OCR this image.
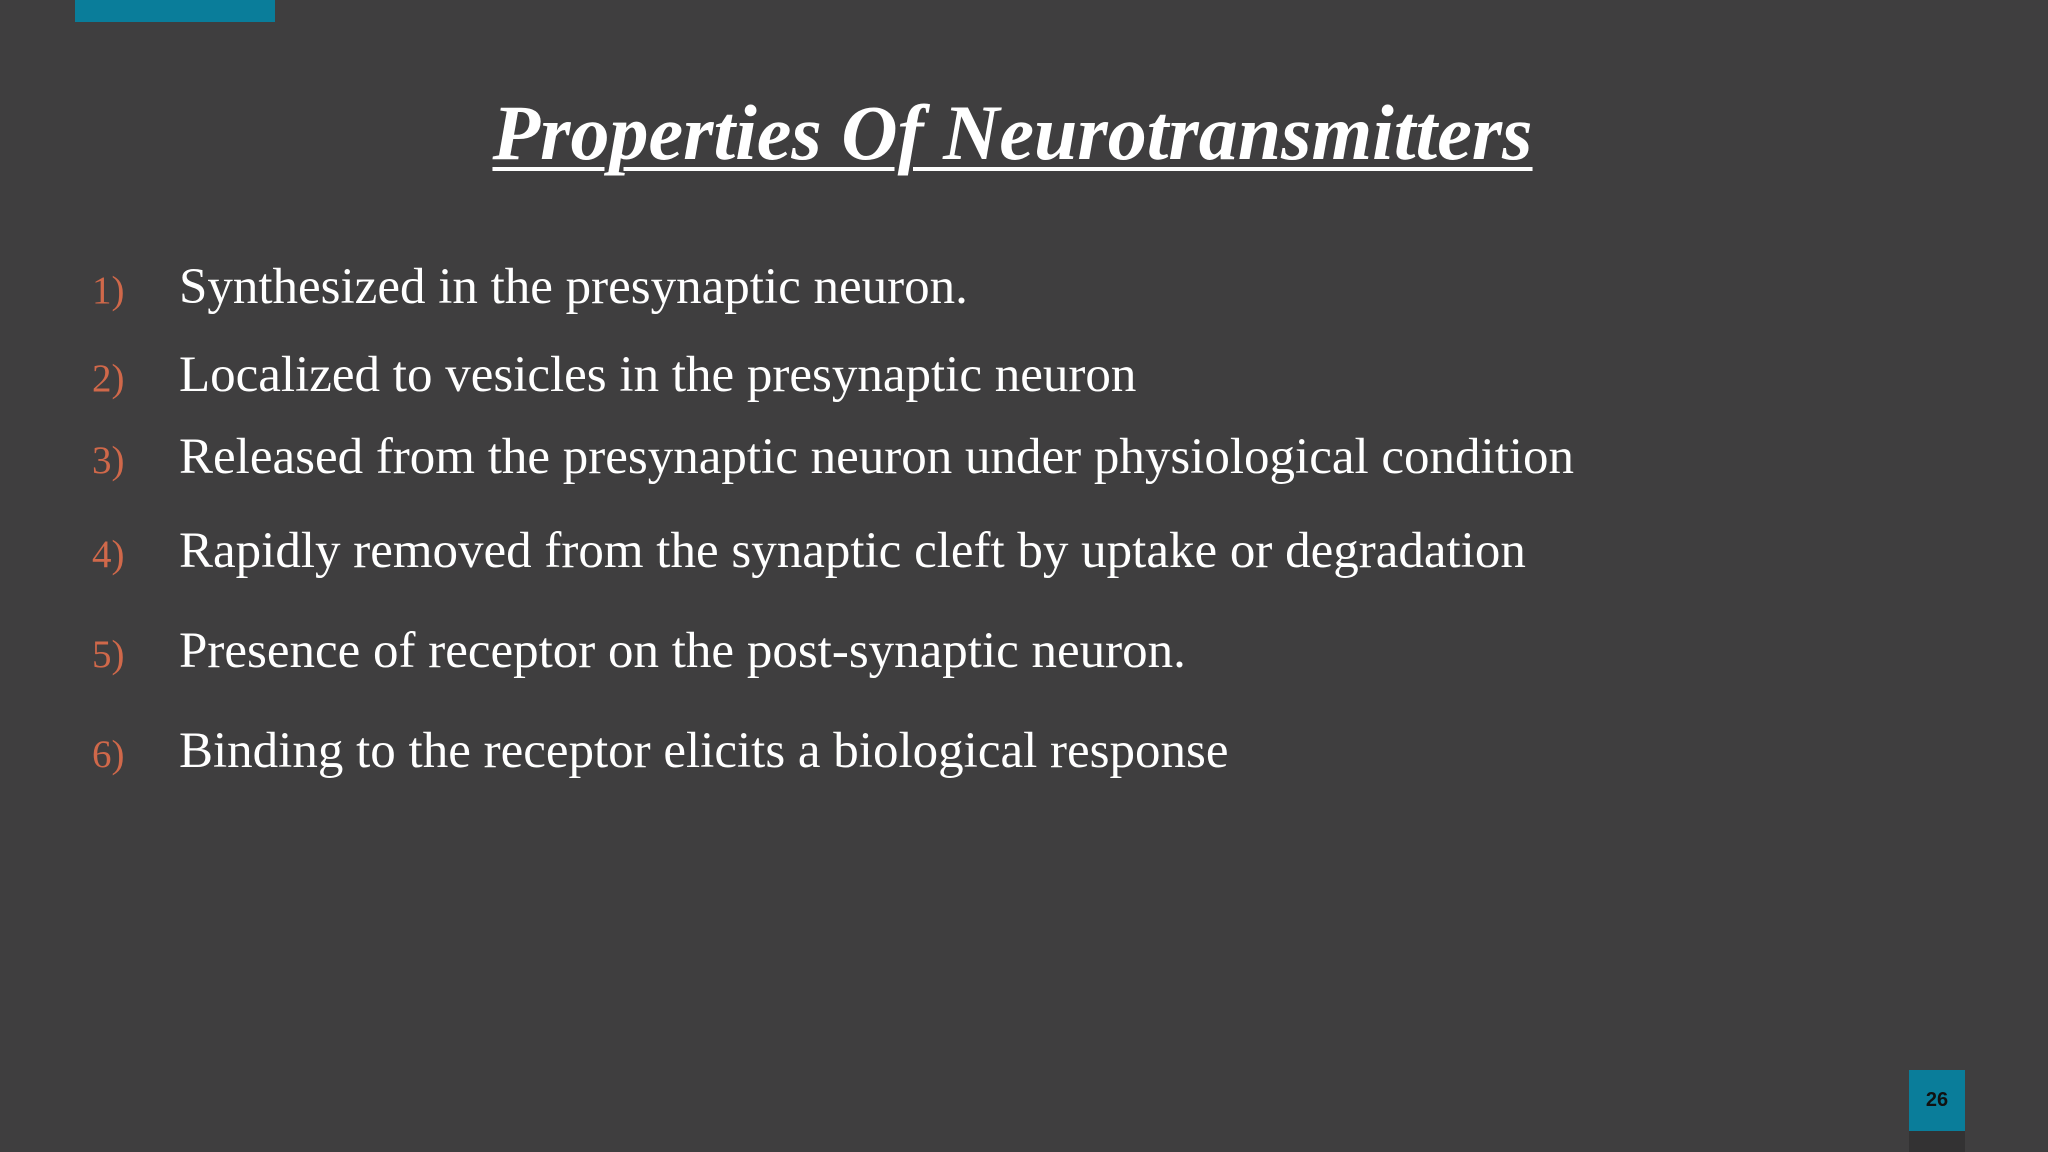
Properties Of Neurotransmitters
1) Synthesized in the presynaptic neuron.
2) Localized to vesicles in the presynaptic neuron
3) Released from the presynaptic neuron under physiological condition
4) Rapidly removed from the synaptic cleft by uptake or degradation
5) Presence of receptor on the post-synaptic neuron.
6) Binding to the receptor elicits a biological response
26
